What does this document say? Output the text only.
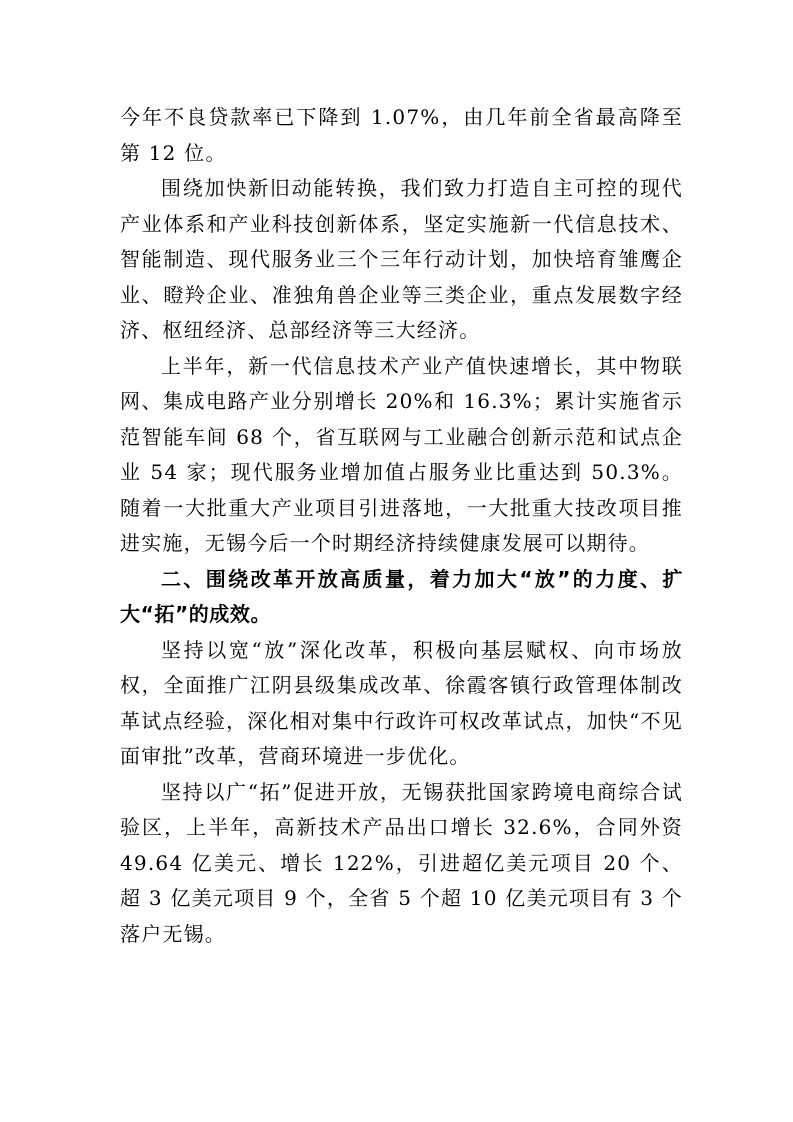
今年不良贷款率已下降到 1.07%，由几年前全省最高降至第 12 位。

围绕加快新旧动能转换，我们致力打造自主可控的现代产业体系和产业科技创新体系，坚定实施新一代信息技术、智能制造、现代服务业三个三年行动计划，加快培育雏鹰企业、瞪羚企业、准独角兽企业等三类企业，重点发展数字经济、枢纽经济、总部经济等三大经济。

上半年，新一代信息技术产业产值快速增长，其中物联网、集成电路产业分别增长 20%和 16.3%；累计实施省示范智能车间 68 个，省互联网与工业融合创新示范和试点企业 54 家；现代服务业增加值占服务业比重达到 50.3%。随着一大批重大产业项目引进落地，一大批重大技改项目推进实施，无锡今后一个时期经济持续健康发展可以期待。

二、围绕改革开放高质量，着力加大“放”的力度、扩大“拓”的成效。

坚持以宽“放”深化改革，积极向基层赋权、向市场放权，全面推广江阴县级集成改革、徐霞客镇行政管理体制改革试点经验，深化相对集中行政许可权改革试点，加快“不见面审批”改革，营商环境进一步优化。

坚持以广“拓”促进开放，无锡获批国家跨境电商综合试验区，上半年，高新技术产品出口增长 32.6%，合同外资 49.64 亿美元、增长 122%，引进超亿美元项目 20 个、超 3 亿美元项目 9 个，全省 5 个超 10 亿美元项目有 3 个落户无锡。
